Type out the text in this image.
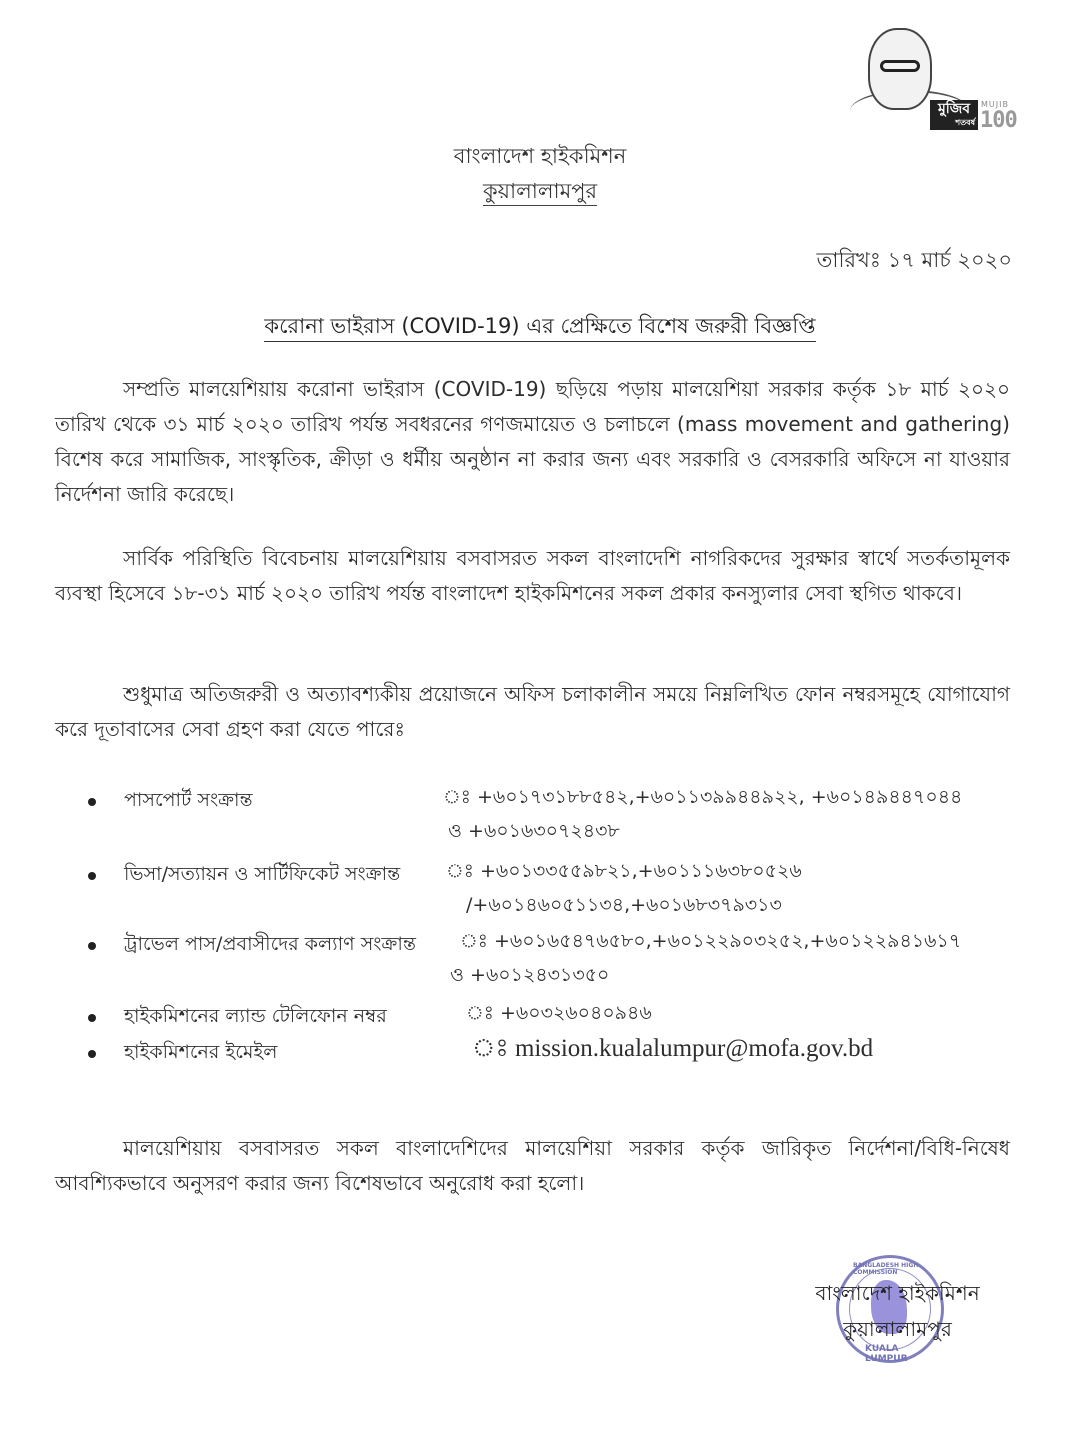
মুজিব
শতবর্ষ
MUJIB
100
বাংলাদেশ হাইকমিশন
কুয়ালালামপুর
তারিখঃ ১৭ মার্চ ২০২০
করোনা ভাইরাস (COVID-19) এর প্রেক্ষিতে বিশেষ জরুরী বিজ্ঞপ্তি
সম্প্রতি মালয়েশিয়ায় করোনা ভাইরাস (COVID-19) ছড়িয়ে পড়ায় মালয়েশিয়া সরকার কর্তৃক ১৮ মার্চ ২০২০ তারিখ থেকে ৩১ মার্চ ২০২০ তারিখ পর্যন্ত সবধরনের গণজমায়েত ও চলাচলে (mass movement and gathering) বিশেষ করে সামাজিক, সাংস্কৃতিক, ক্রীড়া ও ধর্মীয় অনুষ্ঠান না করার জন্য এবং সরকারি ও বেসরকারি অফিসে না যাওয়ার নির্দেশনা জারি করেছে।
সার্বিক পরিস্থিতি বিবেচনায় মালয়েশিয়ায় বসবাসরত সকল বাংলাদেশি নাগরিকদের সুরক্ষার স্বার্থে সতর্কতামূলক ব্যবস্থা হিসেবে ১৮-৩১ মার্চ ২০২০ তারিখ পর্যন্ত বাংলাদেশ হাইকমিশনের সকল প্রকার কনস্যুলার সেবা স্থগিত থাকবে।
শুধুমাত্র অতিজরুরী ও অত্যাবশ্যকীয় প্রয়োজনে অফিস চলাকালীন সময়ে নিম্নলিখিত ফোন নম্বরসমূহে যোগাযোগ করে দূতাবাসের সেবা গ্রহণ করা যেতে পারেঃ
পাসপোর্ট সংক্রান্ত	ঃ +৬০১৭৩১৮৮৫৪২,+৬০১১৩৯৯৪৪৯২২, +৬০১৪৯৪৪৭০৪৪
ও +৬০১৬৩০৭২৪৩৮
ভিসা/সত্যায়ন ও সার্টিফিকেট সংক্রান্ত ঃ +৬০১৩৩৫৫৯৮২১,+৬০১১১৬৩৮০৫২৬
/+৬০১৪৬০৫১১৩৪,+৬০১৬৮৩৭৯৩১৩
ট্রাভেল পাস/প্রবাসীদের কল্যাণ সংক্রান্ত ঃ +৬০১৬৫৪৭৬৫৮০,+৬০১২২৯০৩২৫২,+৬০১২২৯৪১৬১৭
ও +৬০১২৪৩১৩৫০
হাইকমিশনের ল্যান্ড টেলিফোন নম্বর	ঃ +৬০৩২৬০৪০৯৪৬
হাইকমিশনের ইমেইল	ঃ mission.kualalumpur@mofa.gov.bd
মালয়েশিয়ায় বসবাসরত সকল বাংলাদেশিদের মালয়েশিয়া সরকার কর্তৃক জারিকৃত নির্দেশনা/বিধি-নিষেধ আবশ্যিকভাবে অনুসরণ করার জন্য বিশেষভাবে অনুরোধ করা হলো।
BANGLADESH HIGH COMMISSION
KUALA LUMPUR
বাংলাদেশ হাইকমিশন
কুয়ালালামপুর
